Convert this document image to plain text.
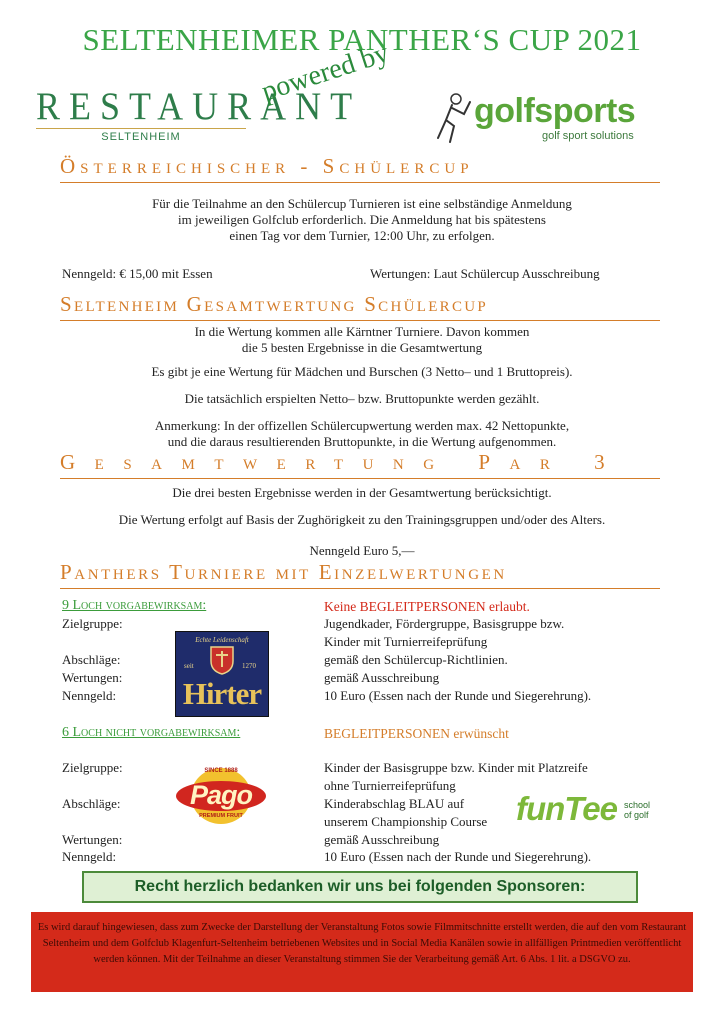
SELTENHEIMER PANTHER‘S CUP 2021
RESTAURANT
SELTENHEIM
powered by
golfsports
golf sport solutions
Österreichischer - Schülercup
Für die Teilnahme an den Schülercup Turnieren ist eine selbständige Anmeldung
im jeweiligen Golfclub erforderlich. Die Anmeldung hat bis spätestens
einen Tag vor dem Turnier, 12:00 Uhr, zu erfolgen.
Nenngeld: € 15,00 mit Essen	Wertungen: Laut Schülercup Ausschreibung
Seltenheim Gesamtwertung Schülercup
In die Wertung kommen alle Kärntner Turniere. Davon kommen
die 5 besten Ergebnisse in die Gesamtwertung
Es gibt je eine Wertung für Mädchen und Burschen (3 Netto– und 1 Bruttopreis).
Die tatsächlich erspielten Netto– bzw. Bruttopunkte werden gezählt.
Anmerkung: In der offizellen Schülercupwertung werden max. 42 Nettopunkte,
und die daraus resultierenden Bruttopunkte, in die Wertung aufgenommen.
Gesamtwertung Par 3
Die drei besten Ergebnisse werden in der Gesamtwertung berücksichtigt.
Die Wertung erfolgt auf Basis der Zughörigkeit zu den Trainingsgruppen und/oder des Alters.
Nenngeld Euro 5,—
Panthers Turniere mit Einzelwertungen
9 Loch vorgabewirksam:	Keine BEGLEITPERSONEN erlaubt.
Zielgruppe:	Jugendkader, Fördergruppe, Basisgruppe bzw.
Kinder mit Turnierreifeprüfung
Abschläge:	gemäß den Schülercup-Richtlinien.
Wertungen:	gemäß Ausschreibung
Nenngeld:	10 Euro (Essen nach der Runde und Siegerehrung).
Echte Leidenschaft
seit	1270
Hirter
6 Loch nicht vorgabewirksam:	BEGLEITPERSONEN erwünscht
Zielgruppe:	Kinder der Basisgruppe bzw. Kinder mit Platzreife
ohne Turnierreifeprüfung
Abschläge:	Kinderabschlag BLAU auf
unserem Championship Course
Wertungen:	gemäß Ausschreibung
Nenngeld:	10 Euro (Essen nach der Runde und Siegerehrung).
SINCE 1888
Pago
PREMIUM FRUIT	funTee school
of golf
Recht herzlich bedanken wir uns bei folgenden Sponsoren:
Es wird darauf hingewiesen, dass zum Zwecke der Darstellung der Veranstaltung Fotos sowie Filmmitschnitte erstellt werden, die auf den vom Restaurant Seltenheim und dem Golfclub Klagenfurt-Seltenheim betriebenen Websites und in Social Media Kanälen sowie in allfälligen Printmedien veröffentlicht werden können. Mit der Teilnahme an dieser Veranstaltung stimmen Sie der Verarbeitung gemäß Art. 6 Abs. 1 lit. a DSGVO zu.
